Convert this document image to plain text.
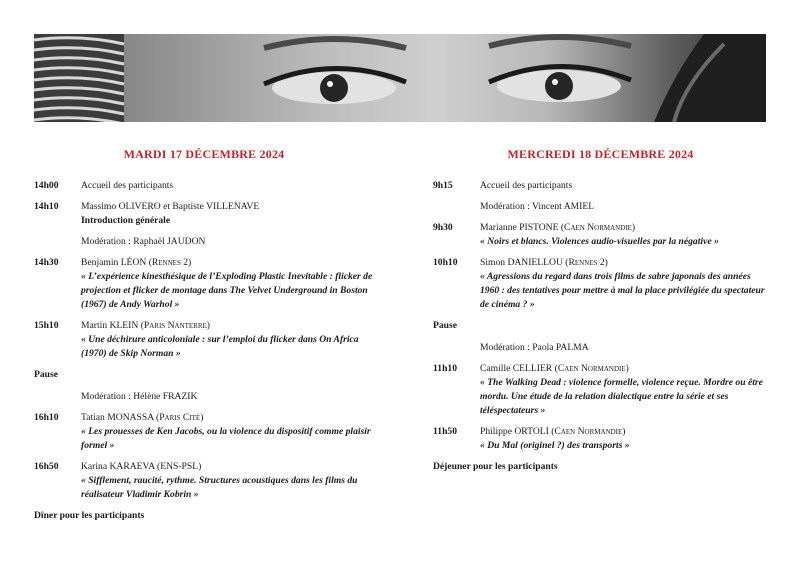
MARDI 17 DÉCEMBRE 2024
14h00	Accueil des participants
14h10	Massimo OLIVERO et Baptiste VILLENAVE
Introduction générale
Modération : Raphaël JAUDON
14h30	Benjamin LÉON (Rennes 2)
« L’expérience kinesthésique de l’Exploding Plastic Inevitable : flicker de projection et flicker de montage dans The Velvet Underground in Boston (1967) de Andy Warhol »
15h10	Martin KLEIN (Paris Nanterre)
« Une déchirure anticoloniale : sur l’emploi du flicker dans On Africa (1970) de Skip Norman »
Pause
Modération : Hélène FRAZIK
16h10	Tatian MONASSA (Paris Cité)
« Les prouesses de Ken Jacobs, ou la violence du dispositif comme plaisir formel »
16h50	Karina KARAEVA (ENS-PSL)
« Sifflement, raucité, rythme. Structures acoustiques dans les films du réalisateur Vladimir Kobrin »
Dîner pour les participants
MERCREDI 18 DÉCEMBRE 2024
9h15	Accueil des participants
Modération : Vincent AMIEL
9h30	Marianne PISTONE (Caen Normandie)
« Noirs et blancs. Violences audio-visuelles par la négative »
10h10	Simon DANIELLOU (Rennes 2)
« Agressions du regard dans trois films de sabre japonais des années 1960 : des tentatives pour mettre à mal la place privilégiée du spectateur de cinéma ? »
Pause
Modération : Paola PALMA
11h10	Camille CELLIER (Caen Normandie)
« The Walking Dead : violence formelle, violence reçue. Mordre ou être mordu. Une étude de la relation dialectique entre la série et ses téléspectateurs »
11h50	Philippe ORTOLI (Caen Normandie)
« Du Mal (originel ?) des transports »
Déjeuner pour les participants
